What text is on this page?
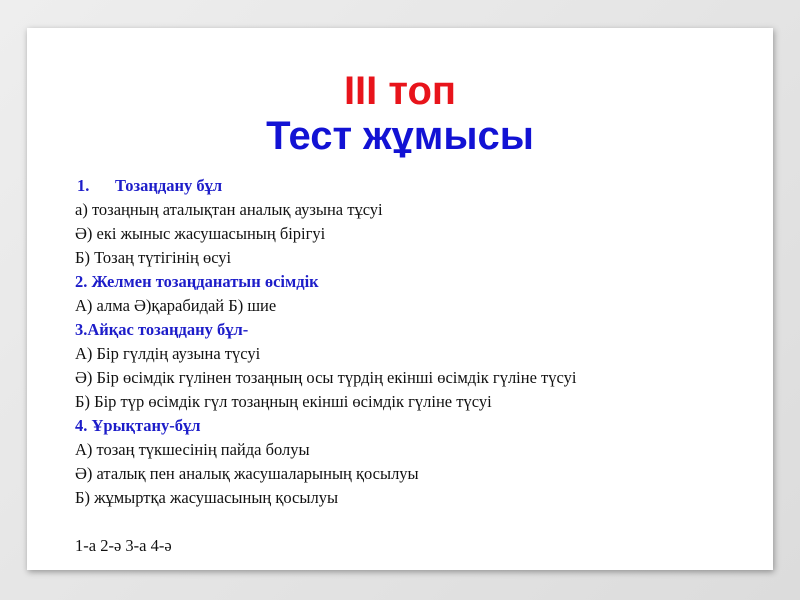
III топ
Тест жұмысы
1. Тозаңдану бұл
а) тозаңның аталықтан аналық аузына тұсуі
Ә) екі жыныс жасушасының бірігуі
Б) Тозаң түтігінің өсуі
2. Желмен тозаңданатын өсімдік
А) алма Ә)қарабидай Б) шие
3.Айқас тозаңдану бұл-
А) Бір гүлдің аузына түсуі
Ә) Бір өсімдік гүлінен тозаңның осы түрдің екінші өсімдік гүліне түсуі
Б) Бір түр өсімдік гүл тозаңның екінші өсімдік гүліне түсуі
4. Ұрықтану-бұл
А) тозаң түкшесінің пайда болуы
Ә) аталық пен аналық жасушаларының қосылуы
Б) жұмыртқа жасушасының қосылуы
1-а 2-ә 3-а 4-ә
